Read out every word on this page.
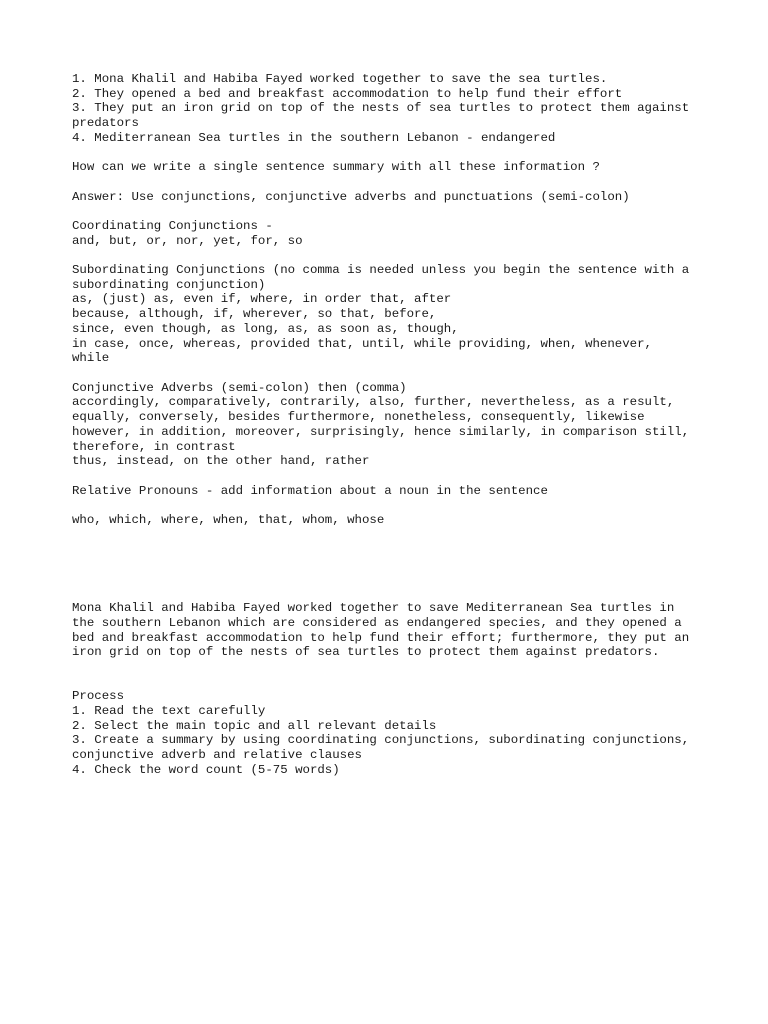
1. Mona Khalil and Habiba Fayed worked together to save the sea turtles.
2. They opened a bed and breakfast accommodation to help fund their effort
3. They put an iron grid on top of the nests of sea turtles to protect them against
predators
4. Mediterranean Sea turtles in the southern Lebanon - endangered
How can we write a single sentence summary with all these information ?
Answer: Use conjunctions, conjunctive adverbs and punctuations (semi-colon)
Coordinating Conjunctions -
and, but, or, nor, yet, for, so
Subordinating Conjunctions (no comma is needed unless you begin the sentence with a
subordinating conjunction)
as, (just) as, even if, where, in order that, after
because, although, if, wherever, so that, before,
since, even though, as long, as, as soon as, though,
in case, once, whereas, provided that, until, while providing, when, whenever,
while
Conjunctive Adverbs (semi-colon) then (comma)
accordingly, comparatively, contrarily, also, further, nevertheless, as a result,
equally, conversely, besides furthermore, nonetheless, consequently, likewise
however, in addition, moreover, surprisingly, hence similarly, in comparison still,
therefore, in contrast
thus, instead, on the other hand, rather
Relative Pronouns - add information about a noun in the sentence
who, which, where, when, that, whom, whose
Mona Khalil and Habiba Fayed worked together to save Mediterranean Sea turtles in
the southern Lebanon which are considered as endangered species, and they opened a
bed and breakfast accommodation to help fund their effort; furthermore, they put an
iron grid on top of the nests of sea turtles to protect them against predators.
Process
1. Read the text carefully
2. Select the main topic and all relevant details
3. Create a summary by using coordinating conjunctions, subordinating conjunctions,
conjunctive adverb and relative clauses
4. Check the word count (5-75 words)
